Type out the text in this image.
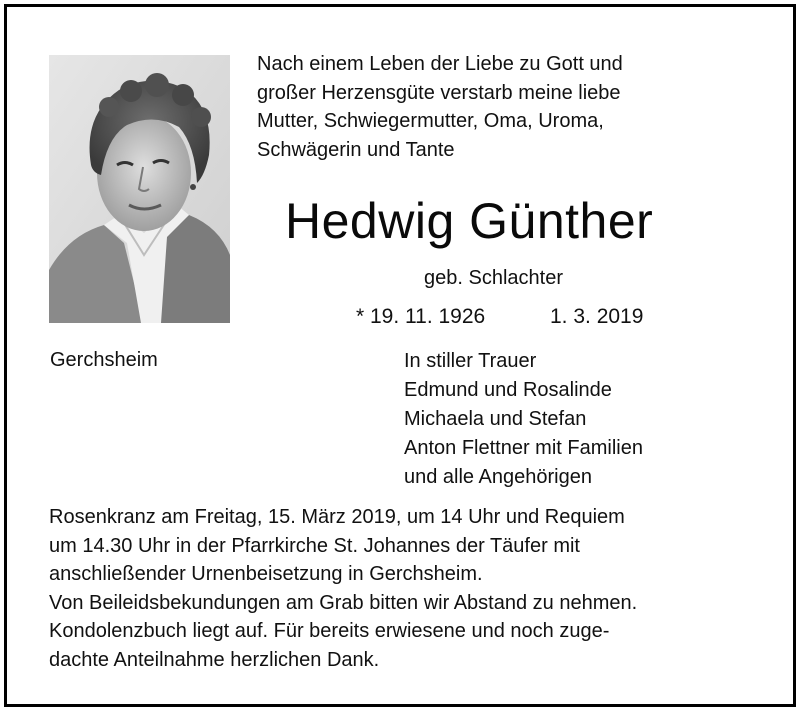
Nach einem Leben der Liebe zu Gott und
großer Herzensgüte verstarb meine liebe
Mutter, Schwiegermutter, Oma, Uroma,
Schwägerin und Tante
Hedwig Günther
geb. Schlachter
* 19. 11. 1926	1. 3. 2019
Gerchsheim	In stiller Trauer
Edmund und Rosalinde
Michaela und Stefan
Anton Flettner mit Familien
und alle Angehörigen
Rosenkranz am Freitag, 15. März 2019, um 14 Uhr und Requiem
um 14.30 Uhr in der Pfarrkirche St. Johannes der Täufer mit
anschließender Urnenbeisetzung in Gerchsheim.
Von Beileidsbekundungen am Grab bitten wir Abstand zu nehmen.
Kondolenzbuch liegt auf. Für bereits erwiesene und noch zuge-
dachte Anteilnahme herzlichen Dank.
